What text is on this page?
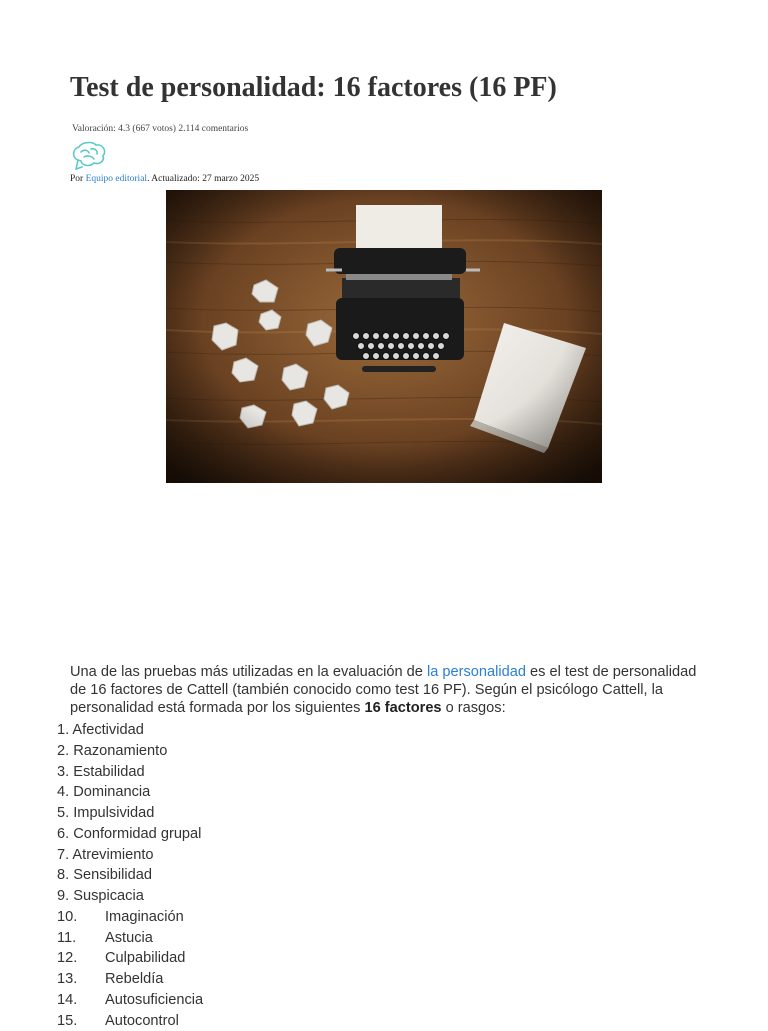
Test de personalidad: 16 factores (16 PF)
Valoración: 4.3 (667 votos) 2.114 comentarios
Por Equipo editorial. Actualizado: 27 marzo 2025

Una de las pruebas más utilizadas en la evaluación de la personalidad es el test de personalidad de 16 factores de Cattell (también conocido como test 16 PF). Según el psicólogo Cattell, la personalidad está formada por los siguientes 16 factores o rasgos:

1. Afectividad
2. Razonamiento
3. Estabilidad
4. Dominancia
5. Impulsividad
6. Conformidad grupal
7. Atrevimiento
8. Sensibilidad
9. Suspicacia
10. Imaginación
11. Astucia
12. Culpabilidad
13. Rebeldía
14. Autosuficiencia
15. Autocontrol
